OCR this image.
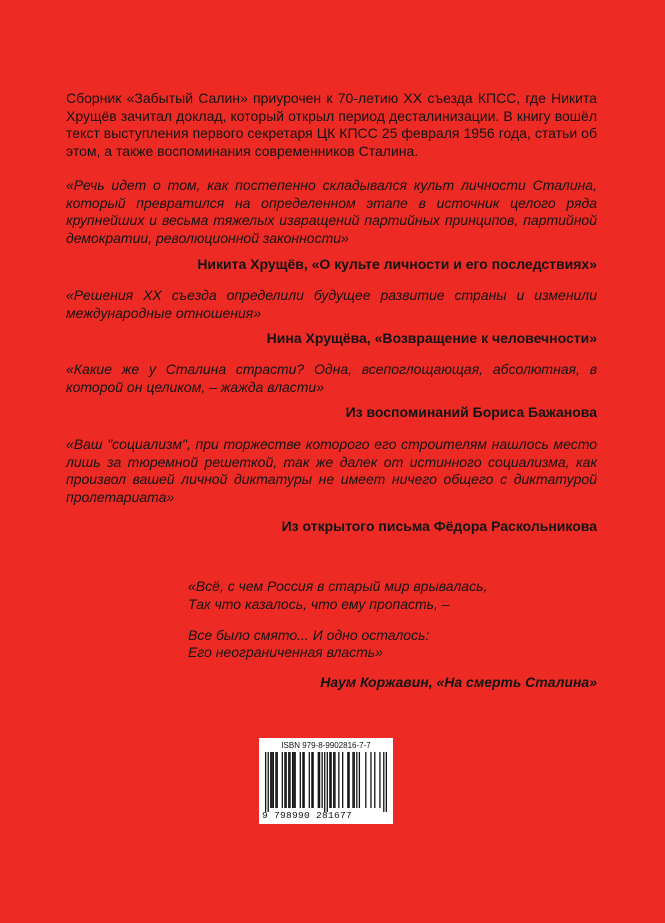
Сборник «Забытый Салин» приурочен к 70-летию XX съезда КПСС, где Никита Хрущёв зачитал доклад, который открыл период десталинизации. В книгу вошёл текст выступления первого секретаря ЦК КПСС 25 февраля 1956 года, статьи об этом, а также воспоминания современников Сталина.

«Речь идет о том, как постепенно складывался культ личности Сталина, который превратился на определенном этапе в источник целого ряда крупнейших и весьма тяжелых извращений партийных принципов, партийной демократии, революционной законности»

Никита Хрущёв, «О культе личности и его последствиях»

«Решения XX съезда определили будущее развитие страны и изменили международные отношения»

Нина Хрущёва, «Возвращение к человечности»

«Какие же у Сталина страсти? Одна, всепоглощающая, абсолютная, в которой он целиком, – жажда власти»

Из воспоминаний Бориса Бажанова

«Ваш "социализм", при торжестве которого его строителям нашлось место лишь за тюремной решеткой, так же далек от истинного социализма, как произвол вашей личной диктатуры не имеет ничего общего с диктатурой пролетариата»

Из открытого письма Фёдора Раскольникова

«Всё, с чем Россия в старый мир врывалась,

Так что казалось, что ему пропасть, –

Все было смято... И одно осталось:

Его неограниченная власть»

Наум Коржавин, «На смерть Сталина»

ISBN 979-8-9902816-7-7
9 798990 281677
